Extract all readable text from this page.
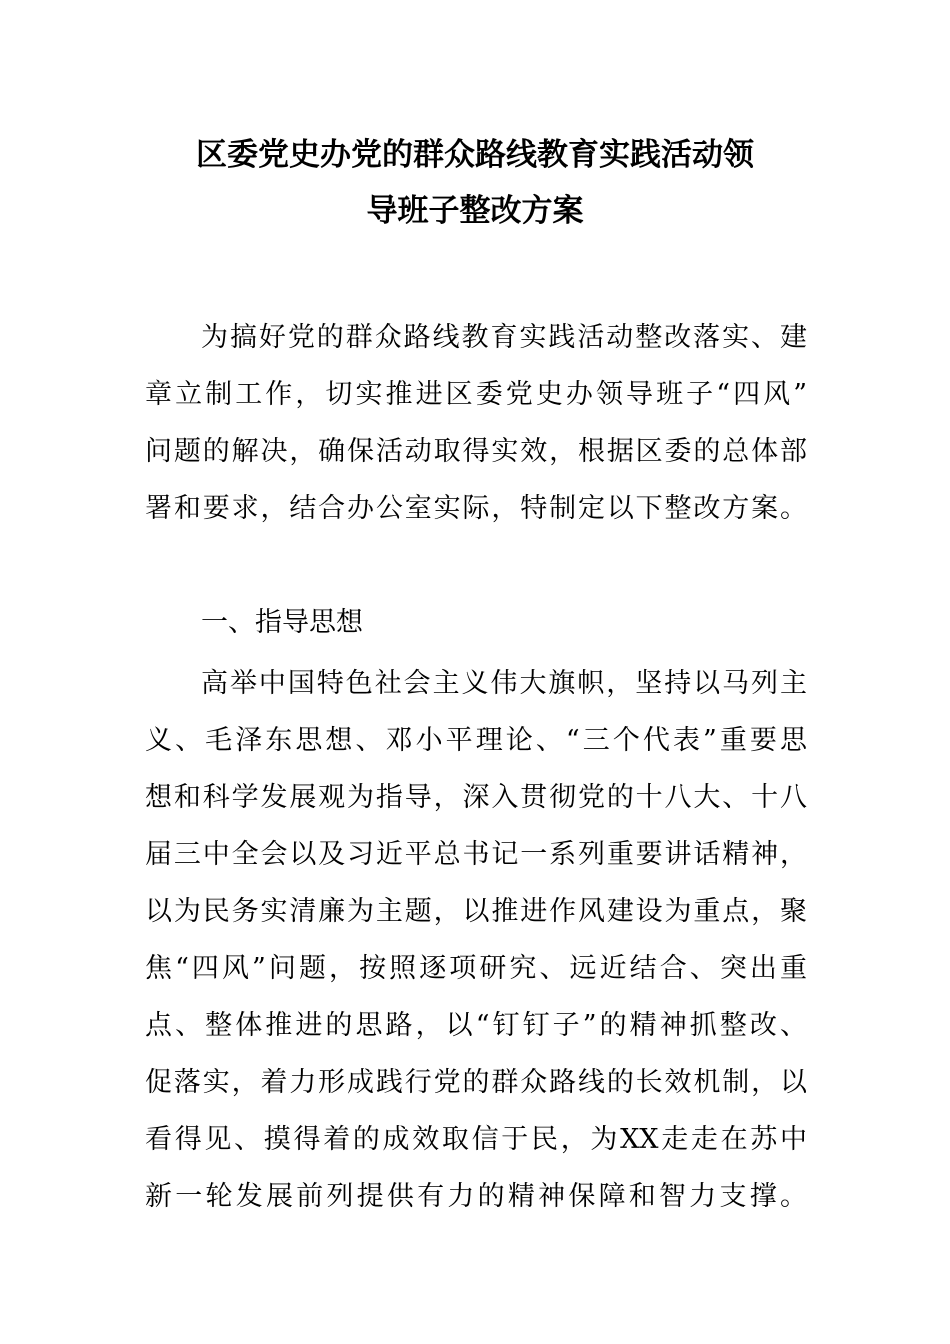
区委党史办党的群众路线教育实践活动领
导班子整改方案
为搞好党的群众路线教育实践活动整改落实、建
章立制工作，切实推进区委党史办领导班子“四风”
问题的解决，确保活动取得实效，根据区委的总体部
署和要求，结合办公室实际，特制定以下整改方案。
一、指导思想
高举中国特色社会主义伟大旗帜，坚持以马列主
义、毛泽东思想、邓小平理论、“三个代表”重要思
想和科学发展观为指导，深入贯彻党的十八大、十八
届三中全会以及习近平总书记一系列重要讲话精神，
以为民务实清廉为主题，以推进作风建设为重点，聚
焦“四风”问题，按照逐项研究、远近结合、突出重
点、整体推进的思路，以“钉钉子”的精神抓整改、
促落实，着力形成践行党的群众路线的长效机制，以
看得见、摸得着的成效取信于民，为XX走走在苏中
新一轮发展前列提供有力的精神保障和智力支撑。
